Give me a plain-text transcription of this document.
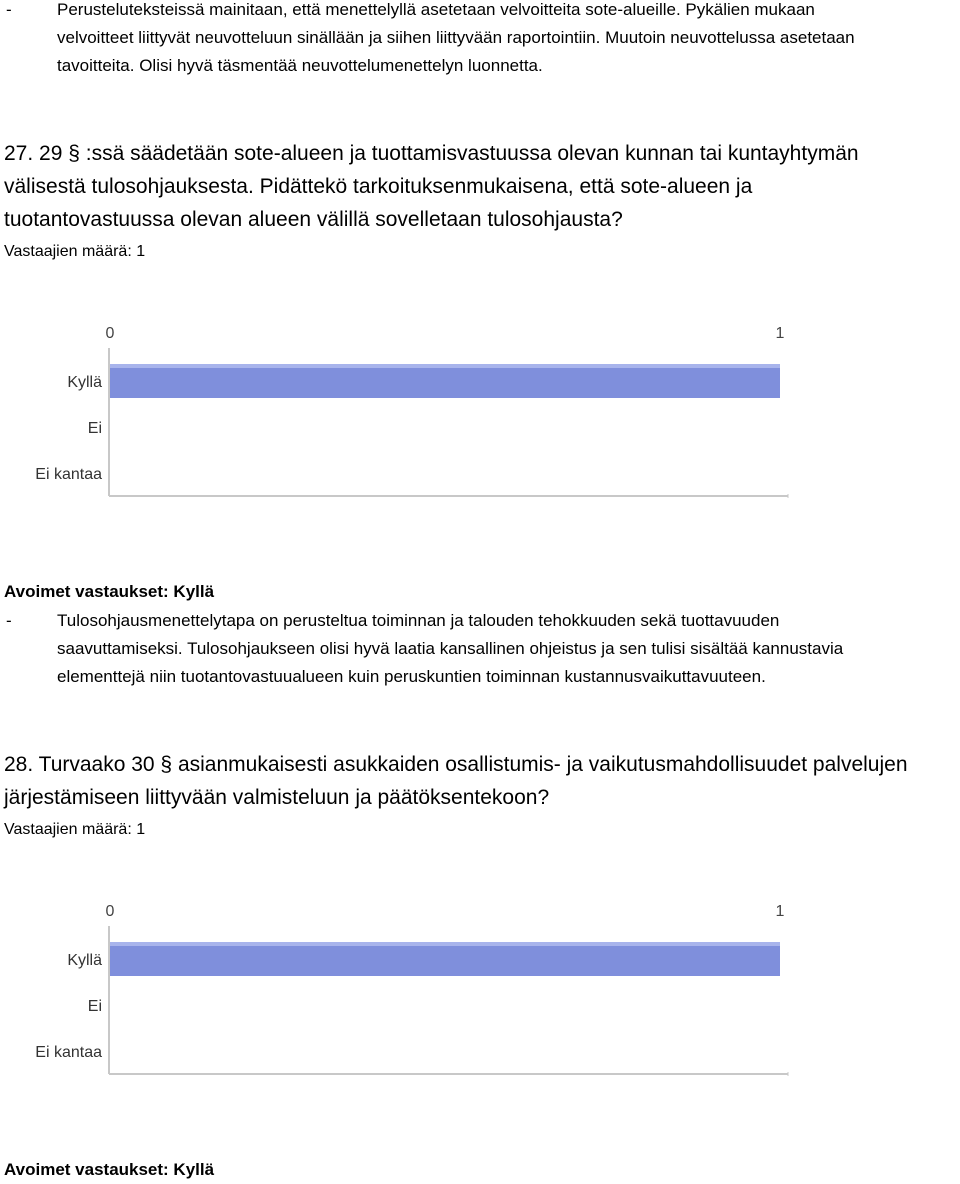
-	Perusteluteksteissä mainitaan, että menettelyllä asetetaan velvoitteita sote-alueille. Pykälien mukaan
velvoitteet liittyvät neuvotteluun sinällään ja siihen liittyvään raportointiin. Muutoin neuvottelussa asetetaan
tavoitteita. Olisi hyvä täsmentää neuvottelumenettelyn luonnetta.
27. 29 § :ssä säädetään sote-alueen ja tuottamisvastuussa olevan kunnan tai kuntayhtymän
välisestä tulosohjauksesta. Pidättekö tarkoituksenmukaisena, että sote-alueen ja
tuotantovastuussa olevan alueen välillä sovelletaan tulosohjausta?
Vastaajien määrä: 1
0	1
Kyllä
Ei
Ei kantaa
Avoimet vastaukset: Kyllä
-	Tulosohjausmenettelytapa on perusteltua toiminnan ja talouden tehokkuuden sekä tuottavuuden
saavuttamiseksi. Tulosohjaukseen olisi hyvä laatia kansallinen ohjeistus ja sen tulisi sisältää kannustavia
elementtejä niin tuotantovastuualueen kuin peruskuntien toiminnan kustannusvaikuttavuuteen.
28. Turvaako 30 § asianmukaisesti asukkaiden osallistumis- ja vaikutusmahdollisuudet palvelujen
järjestämiseen liittyvään valmisteluun ja päätöksentekoon?
Vastaajien määrä: 1
0	1
Kyllä
Ei
Ei kantaa
Avoimet vastaukset: Kyllä
